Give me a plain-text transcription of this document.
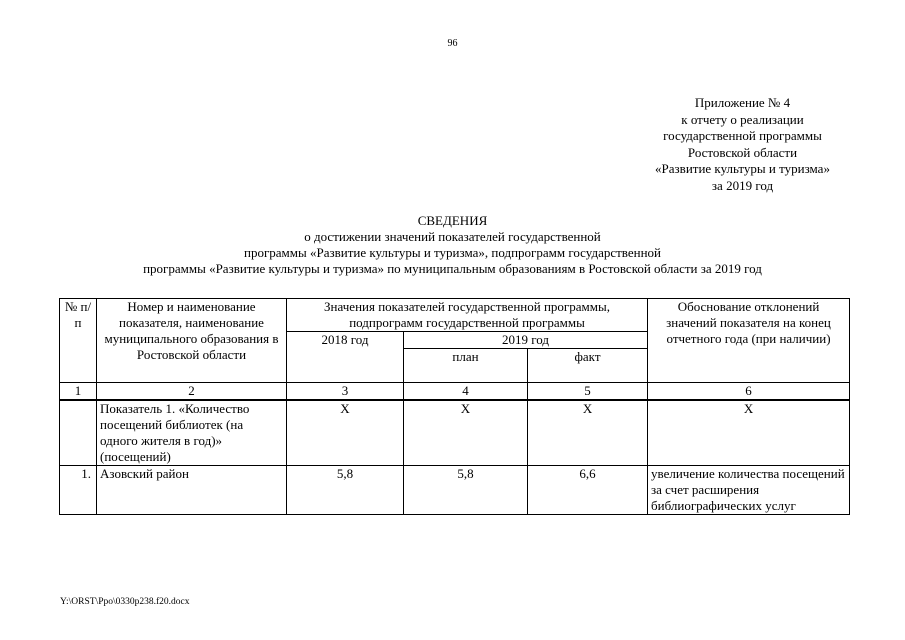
96
Приложение № 4
к отчету о реализации
государственной программы
Ростовской области
«Развитие культуры и туризма»
за 2019 год
СВЕДЕНИЯ
о достижении значений показателей государственной
программы «Развитие культуры и туризма», подпрограмм государственной
программы «Развитие культуры и туризма» по муниципальным образованиям в Ростовской области за 2019 год
№ п/п	Номер и наименование показателя, наименование муниципального образования в Ростовской области	Значения показателей государственной программы, подпрограмм государственной программы			Обоснование отклонений значений показателя на конец отчетного года (при наличии)
		2018 год	2019 год		
			план	факт	
1	2	3	4	5	6
	Показатель 1. «Количество посещений библиотек (на одного жителя в год)» (посещений)	Х	Х	Х	Х
1.	Азовский район	5,8	5,8	6,6	увеличение количества посещений за счет расширения библиографических услуг
Y:\ORST\Ppo\0330p238.f20.docx
